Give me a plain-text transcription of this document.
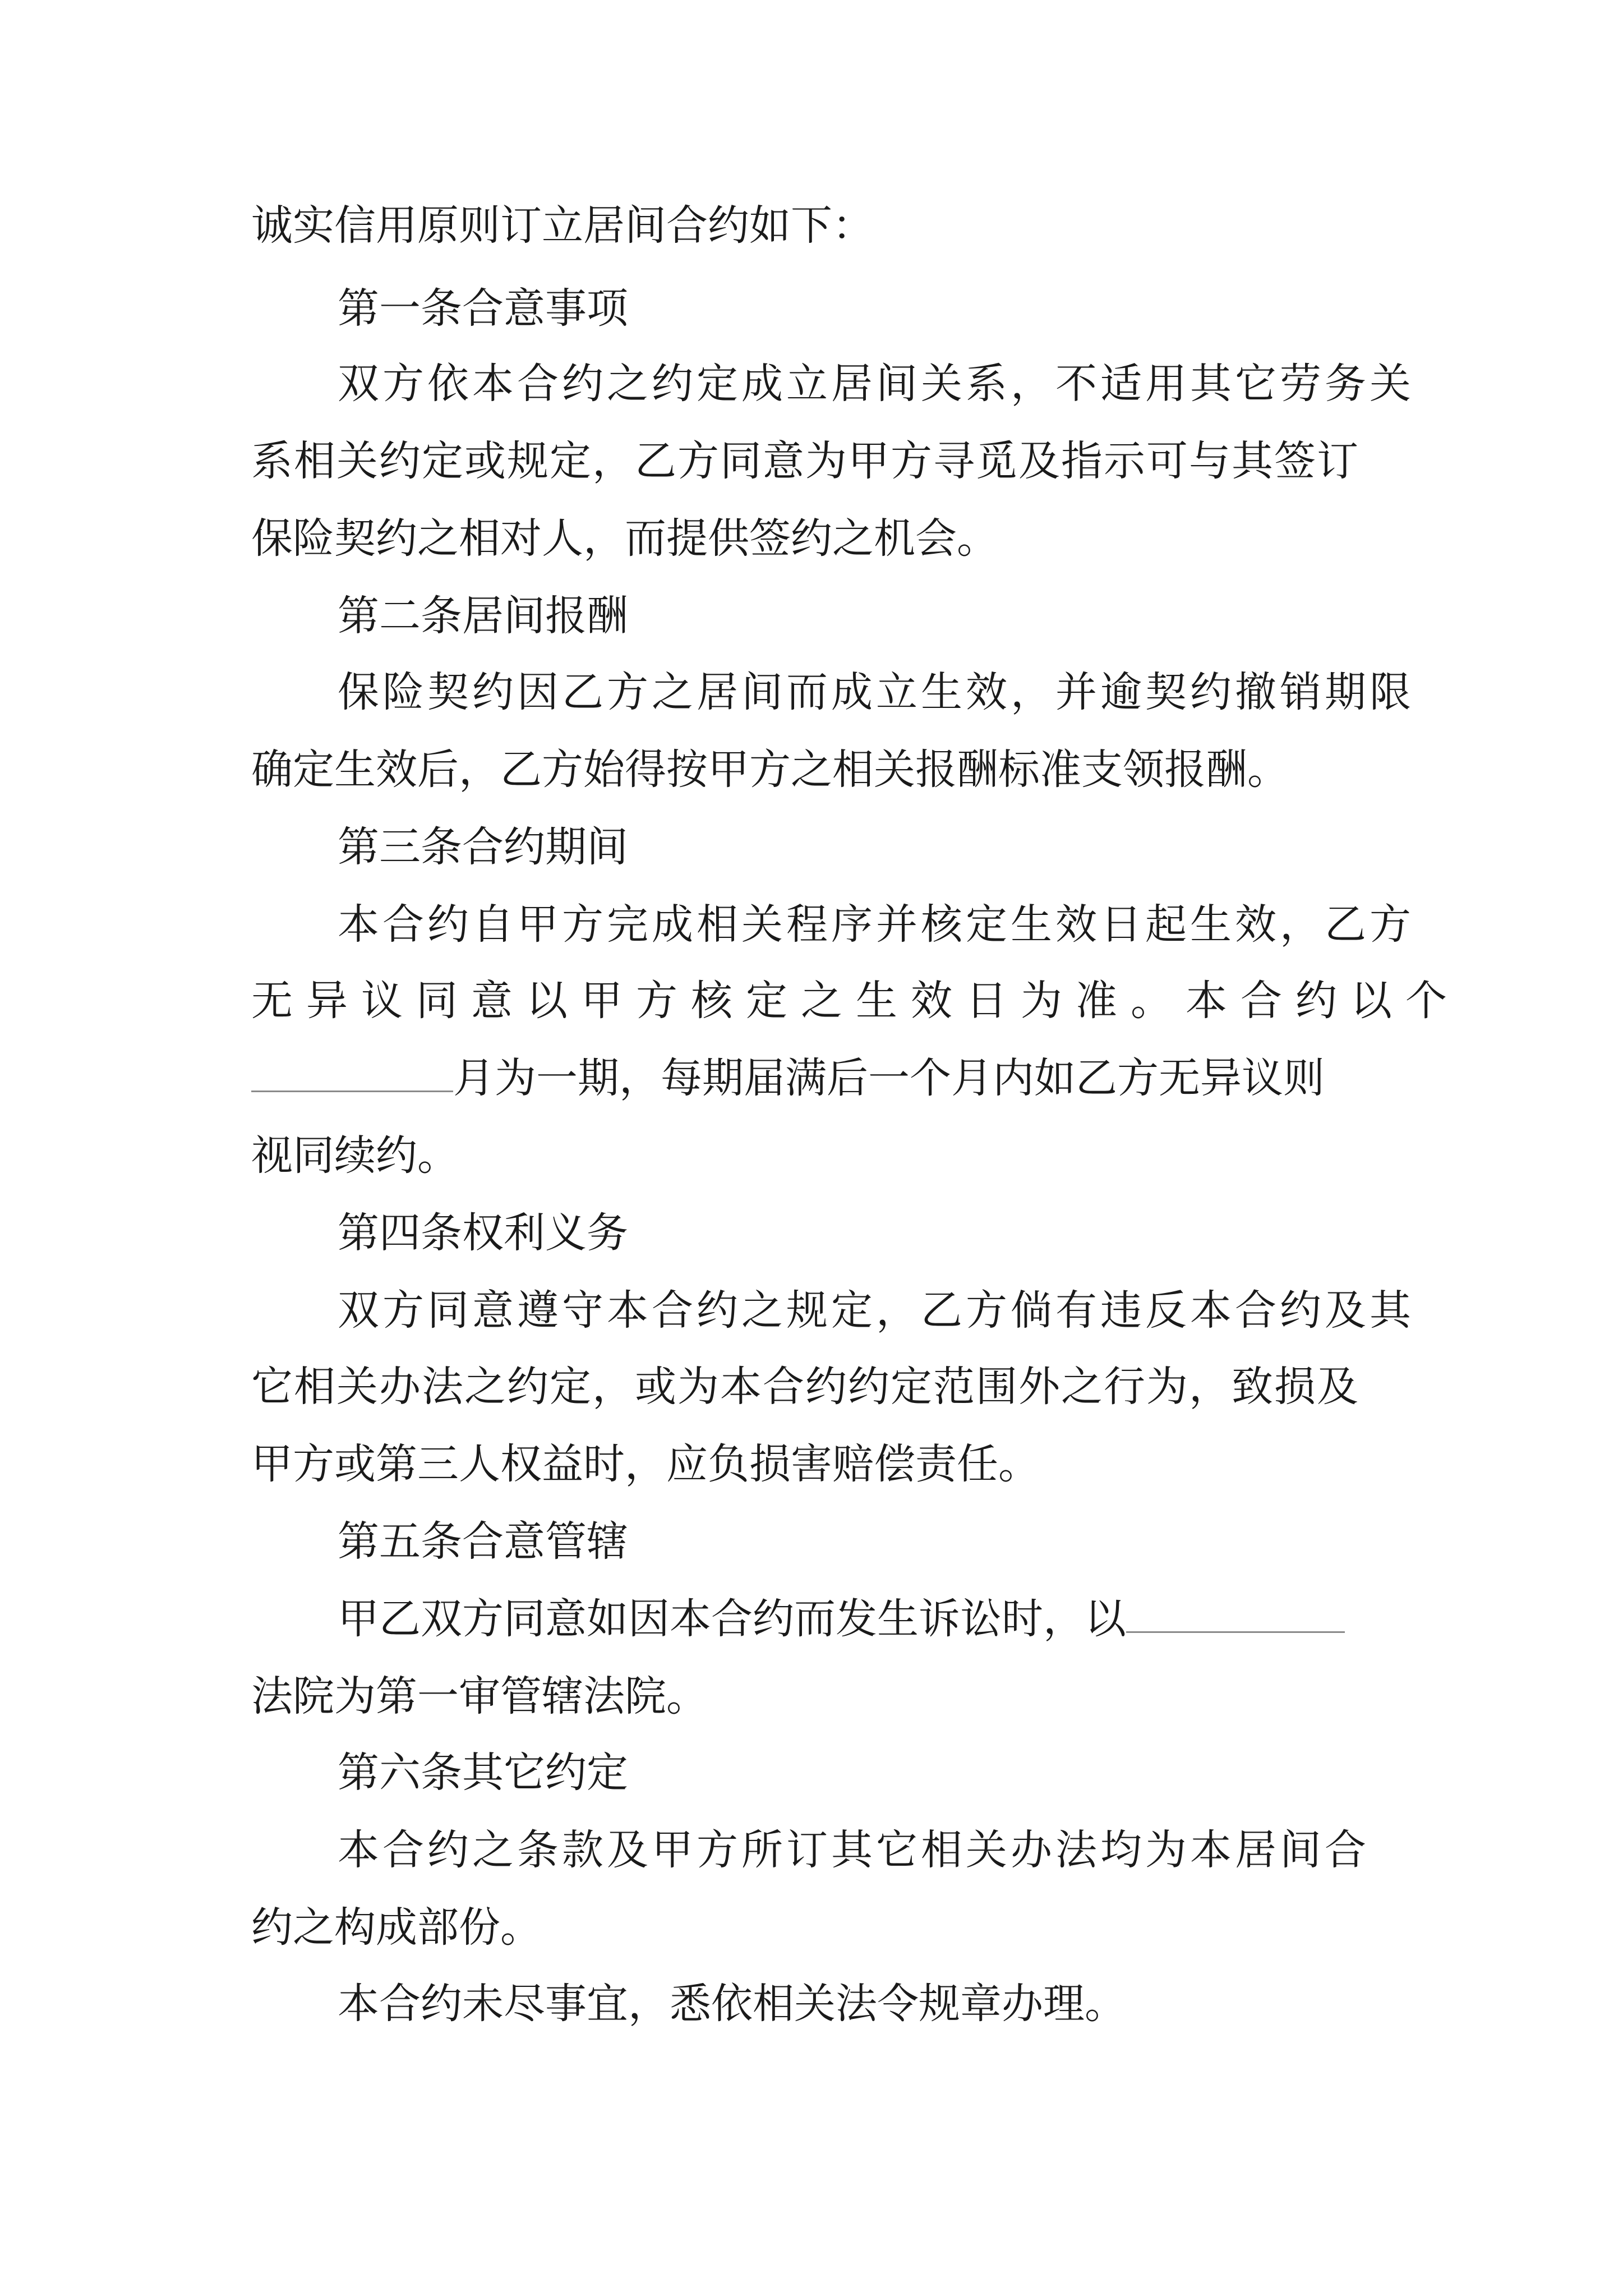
诚实信用原则订立居间合约如下：
第一条合意事项
双方依本合约之约定成立居间关系，不适用其它劳务关
系相关约定或规定，乙方同意为甲方寻觅及指示可与其签订
保险契约之相对人，而提供签约之机会。
第二条居间报酬
保险契约因乙方之居间而成立生效，并逾契约撤销期限
确定生效后，乙方始得按甲方之相关报酬标准支领报酬。
第三条合约期间
本合约自甲方完成相关程序并核定生效日起生效，乙方
无异议同意以甲方核定之生效日为准。本合约以个
月为一期，每期届满后一个月内如乙方无异议则
视同续约。
第四条权利义务
双方同意遵守本合约之规定，乙方倘有违反本合约及其
它相关办法之约定，或为本合约约定范围外之行为，致损及
甲方或第三人权益时，应负损害赔偿责任。
第五条合意管辖
甲乙双方同意如因本合约而发生诉讼时，以
法院为第一审管辖法院。
第六条其它约定
本合约之条款及甲方所订其它相关办法均为本居间合
约之构成部份。
本合约未尽事宜，悉依相关法令规章办理。
